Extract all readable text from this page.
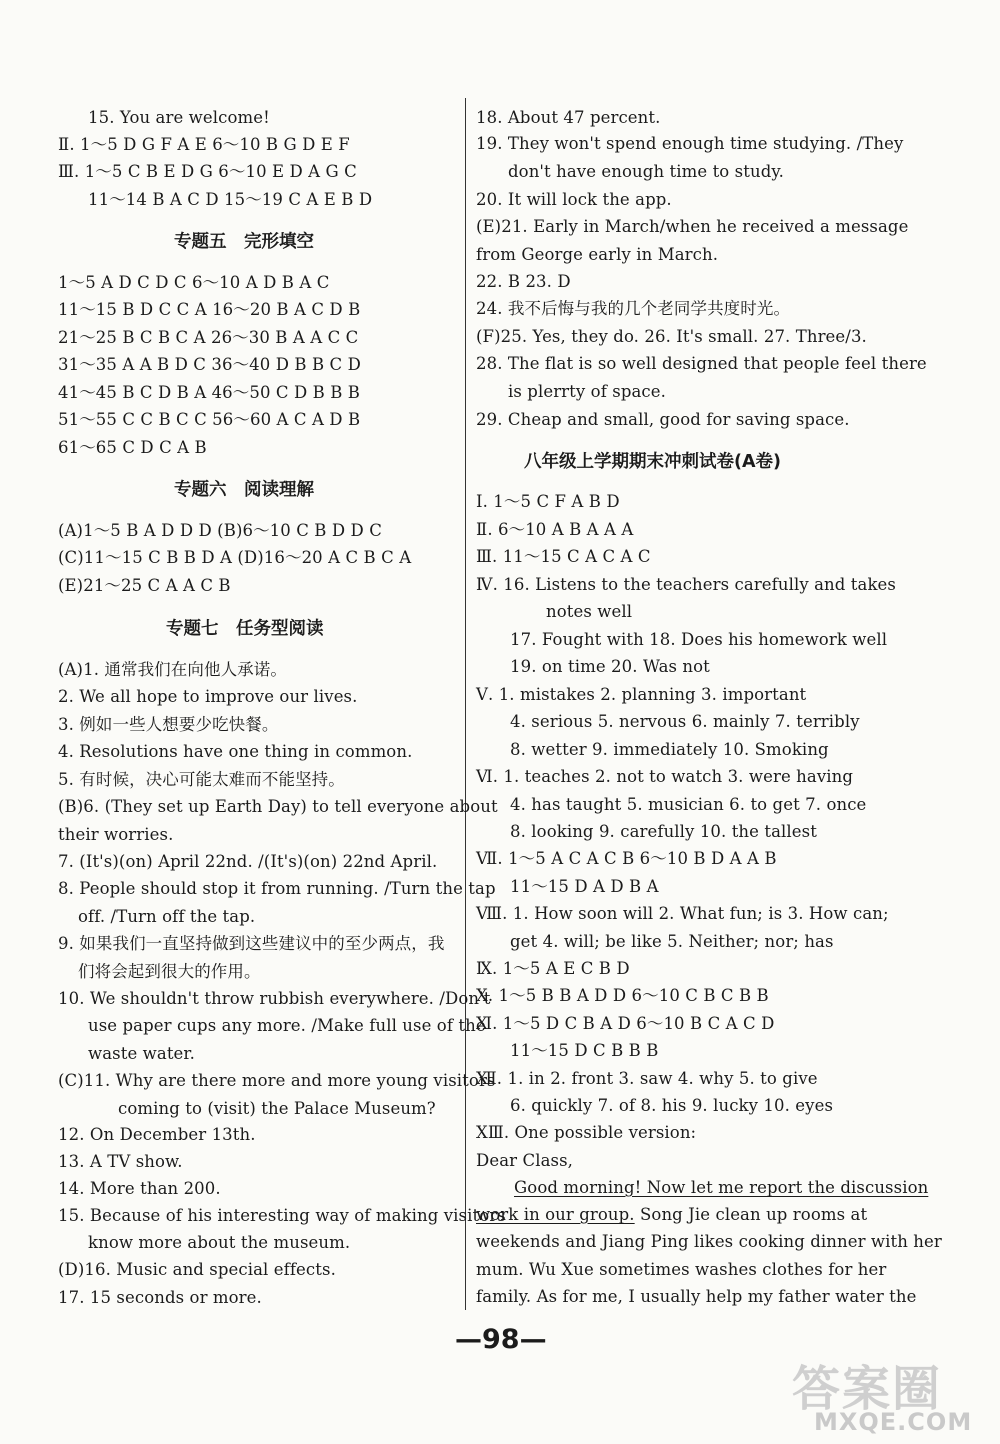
15. You are welcome!
Ⅱ. 1～5 D G F A E 6～10 B G D E F
Ⅲ. 1～5 C B E D G 6～10 E D A G C
11～14 B A C D 15～19 C A E B D
专题五　完形填空
1～5 A D C D C 6～10 A D B A C
11～15 B D C C A 16～20 B A C D B
21～25 B C B C A 26～30 B A A C C
31～35 A A B D C 36～40 D B B C D
41～45 B C D B A 46～50 C D B B B
51～55 C C B C C 56～60 A C A D B
61～65 C D C A B
专题六　阅读理解
(A)1～5 B A D D D (B)6～10 C B D D C
(C)11～15 C B B D A (D)16～20 A C B C A
(E)21～25 C A A C B
专题七　任务型阅读
(A)1. 通常我们在向他人承诺。
2. We all hope to improve our lives.
3. 例如一些人想要少吃快餐。
4. Resolutions have one thing in common.
5. 有时候，决心可能太难而不能坚持。
(B)6. (They set up Earth Day) to tell everyone about
their worries.
7. (It's)(on) April 22nd. /(It's)(on) 22nd April.
8. People should stop it from running. /Turn the tap
off. /Turn off the tap.
9. 如果我们一直坚持做到这些建议中的至少两点，我
们将会起到很大的作用。
10. We shouldn't throw rubbish everywhere. /Don't
use paper cups any more. /Make full use of the
waste water.
(C)11. Why are there more and more young visitors
coming to (visit) the Palace Museum?
12. On December 13th.
13. A TV show.
14. More than 200.
15. Because of his interesting way of making visitors
know more about the museum.
(D)16. Music and special effects.
17. 15 seconds or more.
18. About 47 percent.
19. They won't spend enough time studying. /They
don't have enough time to study.
20. It will lock the app.
(E)21. Early in March/when he received a message
from George early in March.
22. B 23. D
24. 我不后悔与我的几个老同学共度时光。
(F)25. Yes, they do. 26. It's small. 27. Three/3.
28. The flat is so well designed that people feel there
is plerrty of space.
29. Cheap and small, good for saving space.
八年级上学期期末冲刺试卷(A卷)
Ⅰ. 1～5 C F A B D
Ⅱ. 6～10 A B A A A
Ⅲ. 11～15 C A C A C
Ⅳ. 16. Listens to the teachers carefully and takes
notes well
17. Fought with 18. Does his homework well
19. on time 20. Was not
Ⅴ. 1. mistakes 2. planning 3. important
4. serious 5. nervous 6. mainly 7. terribly
8. wetter 9. immediately 10. Smoking
Ⅵ. 1. teaches 2. not to watch 3. were having
4. has taught 5. musician 6. to get 7. once
8. looking 9. carefully 10. the tallest
Ⅶ. 1～5 A C A C B 6～10 B D A A B
11～15 D A D B A
Ⅷ. 1. How soon will 2. What fun; is 3. How can;
get 4. will; be like 5. Neither; nor; has
Ⅸ. 1～5 A E C B D
Ⅹ. 1～5 B B A D D 6～10 C B C B B
Ⅺ. 1～5 D C B A D 6～10 B C A C D
11～15 D C B B B
Ⅻ. 1. in 2. front 3. saw 4. why 5. to give
6. quickly 7. of 8. his 9. lucky 10. eyes
ⅩⅢ. One possible version:
Dear Class,
Good morning! Now let me report the discussion
work in our group. Song Jie clean up rooms at
weekends and Jiang Ping likes cooking dinner with her
mum. Wu Xue sometimes washes clothes for her
family. As for me, I usually help my father water the
—98—
答案圈
MXQE.COM
